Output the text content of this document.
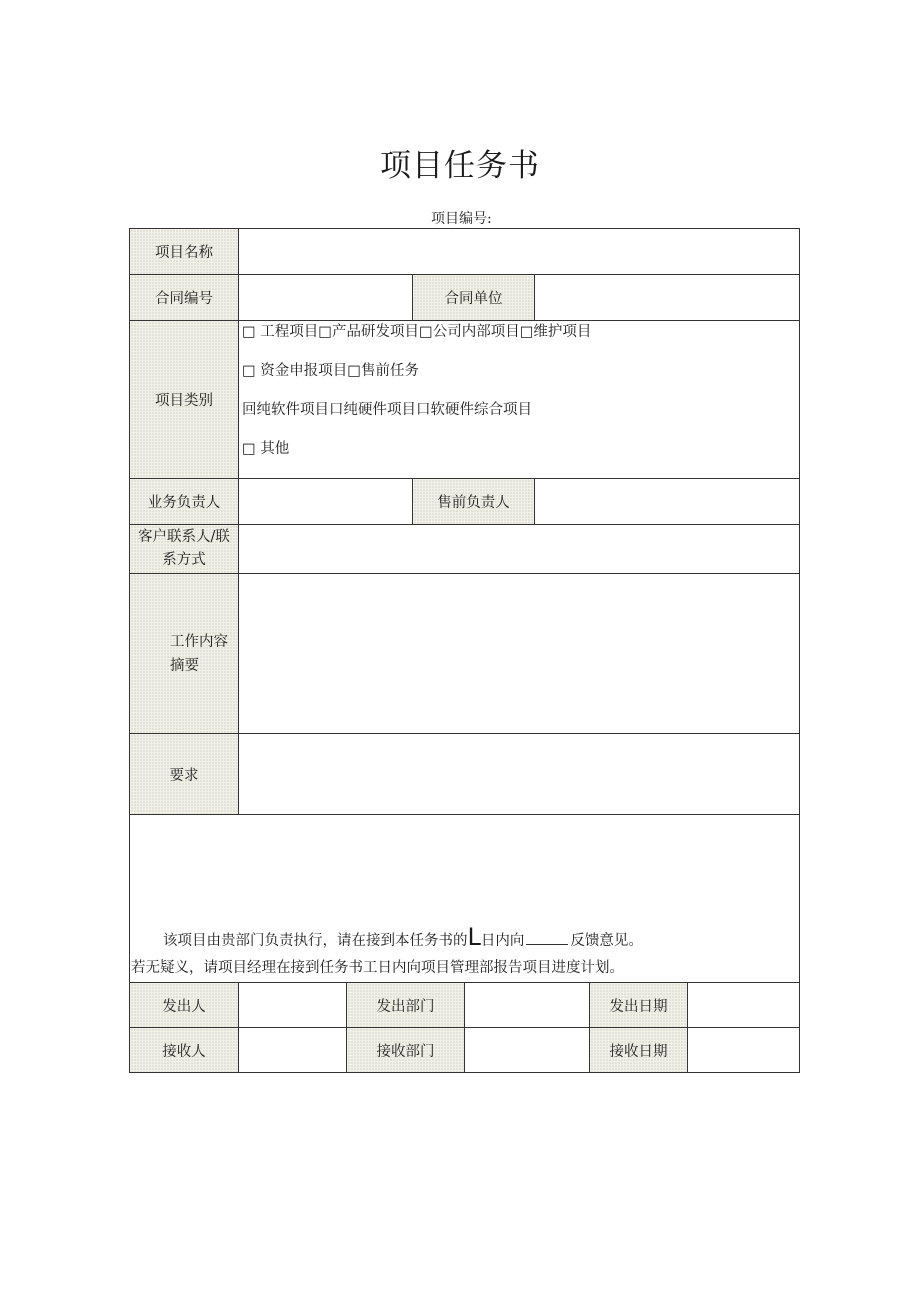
项目任务书
项目编号:
项目名称							
合同编号			合同单位				
项目类别	□ 工程项目□产品研发项目□公司内部项目□维护项目
□ 资金申报项目□售前任务
回纯软件项目口纯硬件项目口软硬件综合项目
□ 其他						

业务负责人			售前负责人				

客户联系人/联
系方式							

工作内容
摘要							

要求							

该项目由贵部门负责执行，请在接到本任务书的L日内向 反馈意见。
若无疑义，请项目经理在接到任务书工日内向项目管理部报告项目进度计划。							

发出人		发出部门				发出日期	
接收人		接收部门				接收日期	
